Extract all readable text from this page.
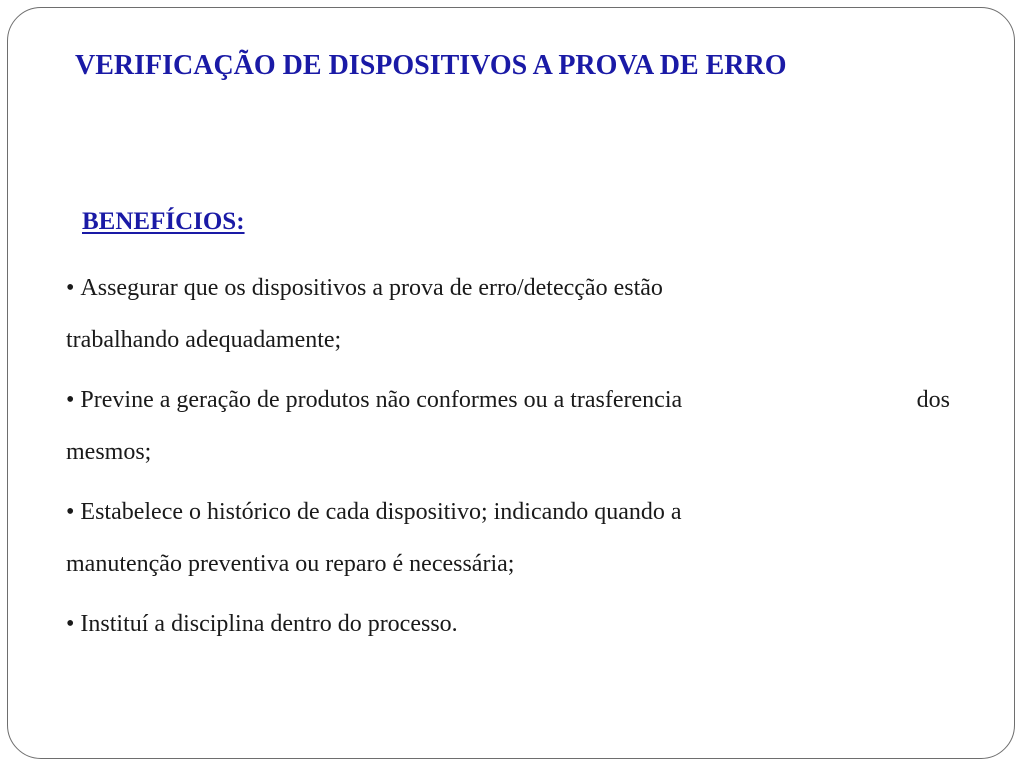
VERIFICAÇÃO DE DISPOSITIVOS A PROVA DE ERRO
BENEFÍCIOS:
• Assegurar que os dispositivos a prova de erro/detecção estão
trabalhando adequadamente;
• Previne a geração de produtos não conformes ou a trasferencia	dos
mesmos;
• Estabelece o histórico de cada dispositivo; indicando quando a
manutenção preventiva ou reparo é necessária;
• Instituí a disciplina dentro do processo.
